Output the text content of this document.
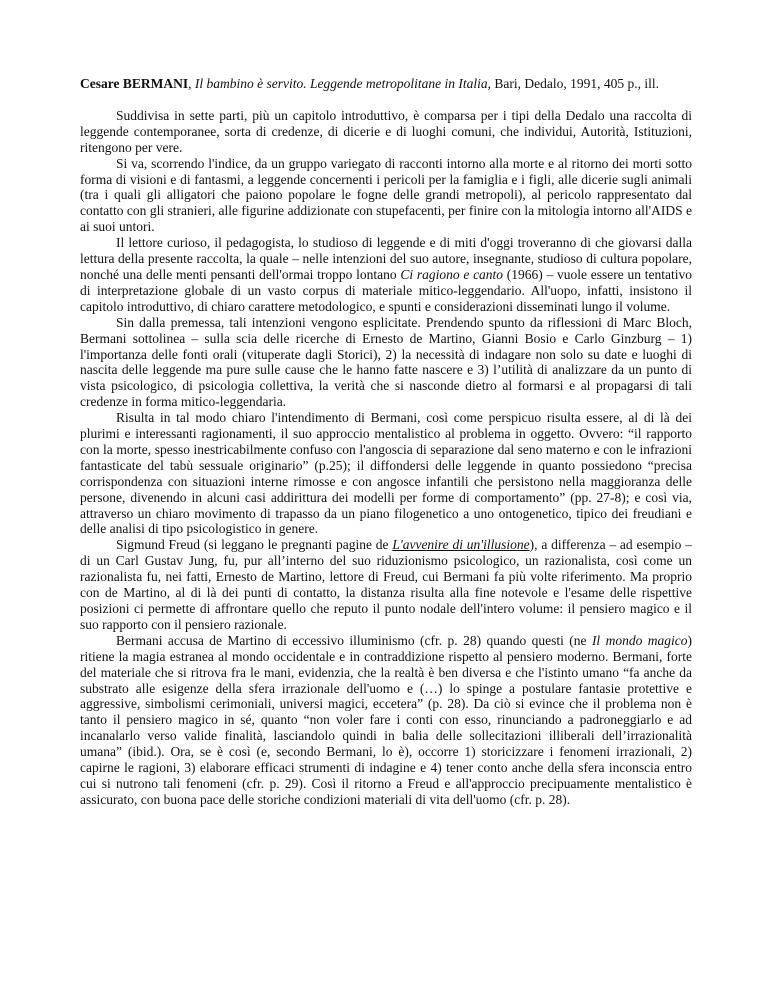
Cesare BERMANI, Il bambino è servito. Leggende metropolitane in Italia, Bari, Dedalo, 1991, 405 p., ill.

Suddivisa in sette parti, più un capitolo introduttivo, è comparsa per i tipi della Dedalo una raccolta di leggende contemporanee, sorta di credenze, di dicerie e di luoghi comuni, che individui, Autorità, Istituzioni, ritengono per vere.

Si va, scorrendo l'indice, da un gruppo variegato di racconti intorno alla morte e al ritorno dei morti sotto forma di visioni e di fantasmi, a leggende concernenti i pericoli per la famiglia e i figli, alle dicerie sugli animali (tra i quali gli alligatori che paiono popolare le fogne delle grandi metropoli), al pericolo rappresentato dal contatto con gli stranieri, alle figurine addizionate con stupefacenti, per finire con la mitologia intorno all'AIDS e ai suoi untori.

Il lettore curioso, il pedagogista, lo studioso di leggende e di miti d'oggi troveranno di che giovarsi dalla lettura della presente raccolta, la quale – nelle intenzioni del suo autore, insegnante, studioso di cultura popolare, nonché una delle menti pensanti dell'ormai troppo lontano Ci ragiono e canto (1966) – vuole essere un tentativo di interpretazione globale di un vasto corpus di materiale mitico-leggendario. All'uopo, infatti, insistono il capitolo introduttivo, di chiaro carattere metodologico, e spunti e considerazioni disseminati lungo il volume.

Sin dalla premessa, tali intenzioni vengono esplicitate. Prendendo spunto da riflessioni di Marc Bloch, Bermani sottolinea – sulla scia delle ricerche di Ernesto de Martino, Gianni Bosio e Carlo Ginzburg – 1) l'importanza delle fonti orali (vituperate dagli Storici), 2) la necessità di indagare non solo su date e luoghi di nascita delle leggende ma pure sulle cause che le hanno fatte nascere e 3) l’utilità di analizzare da un punto di vista psicologico, di psicologia collettiva, la verità che si nasconde dietro al formarsi e al propagarsi di tali credenze in forma mitico-leggendaria.

Risulta in tal modo chiaro l'intendimento di Bermani, così come perspicuo risulta essere, al di là dei plurimi e interessanti ragionamenti, il suo approccio mentalistico al problema in oggetto. Ovvero: “il rapporto con la morte, spesso inestricabilmente confuso con l'angoscia di separazione dal seno materno e con le infrazioni fantasticate del tabù sessuale originario” (p.25); il diffondersi delle leggende in quanto possiedono “precisa corrispondenza con situazioni interne rimosse e con angosce infantili che persistono nella maggioranza delle persone, divenendo in alcuni casi addirittura dei modelli per forme di comportamento” (pp. 27-8); e così via, attraverso un chiaro movimento di trapasso da un piano filogenetico a uno ontogenetico, tipico dei freudiani e delle analisi di tipo psicologistico in genere.

Sigmund Freud (si leggano le pregnanti pagine de L'avvenire di un'illusione), a differenza – ad esempio – di un Carl Gustav Jung, fu, pur all’interno del suo riduzionismo psicologico, un razionalista, così come un razionalista fu, nei fatti, Ernesto de Martino, lettore di Freud, cui Bermani fa più volte riferimento. Ma proprio con de Martino, al di là dei punti di contatto, la distanza risulta alla fine notevole e l'esame delle rispettive posizioni ci permette di affrontare quello che reputo il punto nodale dell'intero volume: il pensiero magico e il suo rapporto con il pensiero razionale.

Bermani accusa de Martino di eccessivo illuminismo (cfr. p. 28) quando questi (ne Il mondo magico) ritiene la magia estranea al mondo occidentale e in contraddizione rispetto al pensiero moderno. Bermani, forte del materiale che si ritrova fra le mani, evidenzia, che la realtà è ben diversa e che l'istinto umano “fa anche da substrato alle esigenze della sfera irrazionale dell'uomo e (…) lo spinge a postulare fantasie protettive e aggressive, simbolismi cerimoniali, universi magici, eccetera” (p. 28). Da ciò si evince che il problema non è tanto il pensiero magico in sé, quanto “non voler fare i conti con esso, rinunciando a padroneggiarlo e ad incanalarlo verso valide finalità, lasciandolo quindi in balia delle sollecitazioni illiberali dell’irrazionalità umana” (ibid.). Ora, se è così (e, secondo Bermani, lo è), occorre 1) storicizzare i fenomeni irrazionali, 2) capirne le ragioni, 3) elaborare efficaci strumenti di indagine e 4) tener conto anche della sfera inconscia entro cui si nutrono tali fenomeni (cfr. p. 29). Così il ritorno a Freud e all'approccio precipuamente mentalistico è assicurato, con buona pace delle storiche condizioni materiali di vita dell'uomo (cfr. p. 28).
